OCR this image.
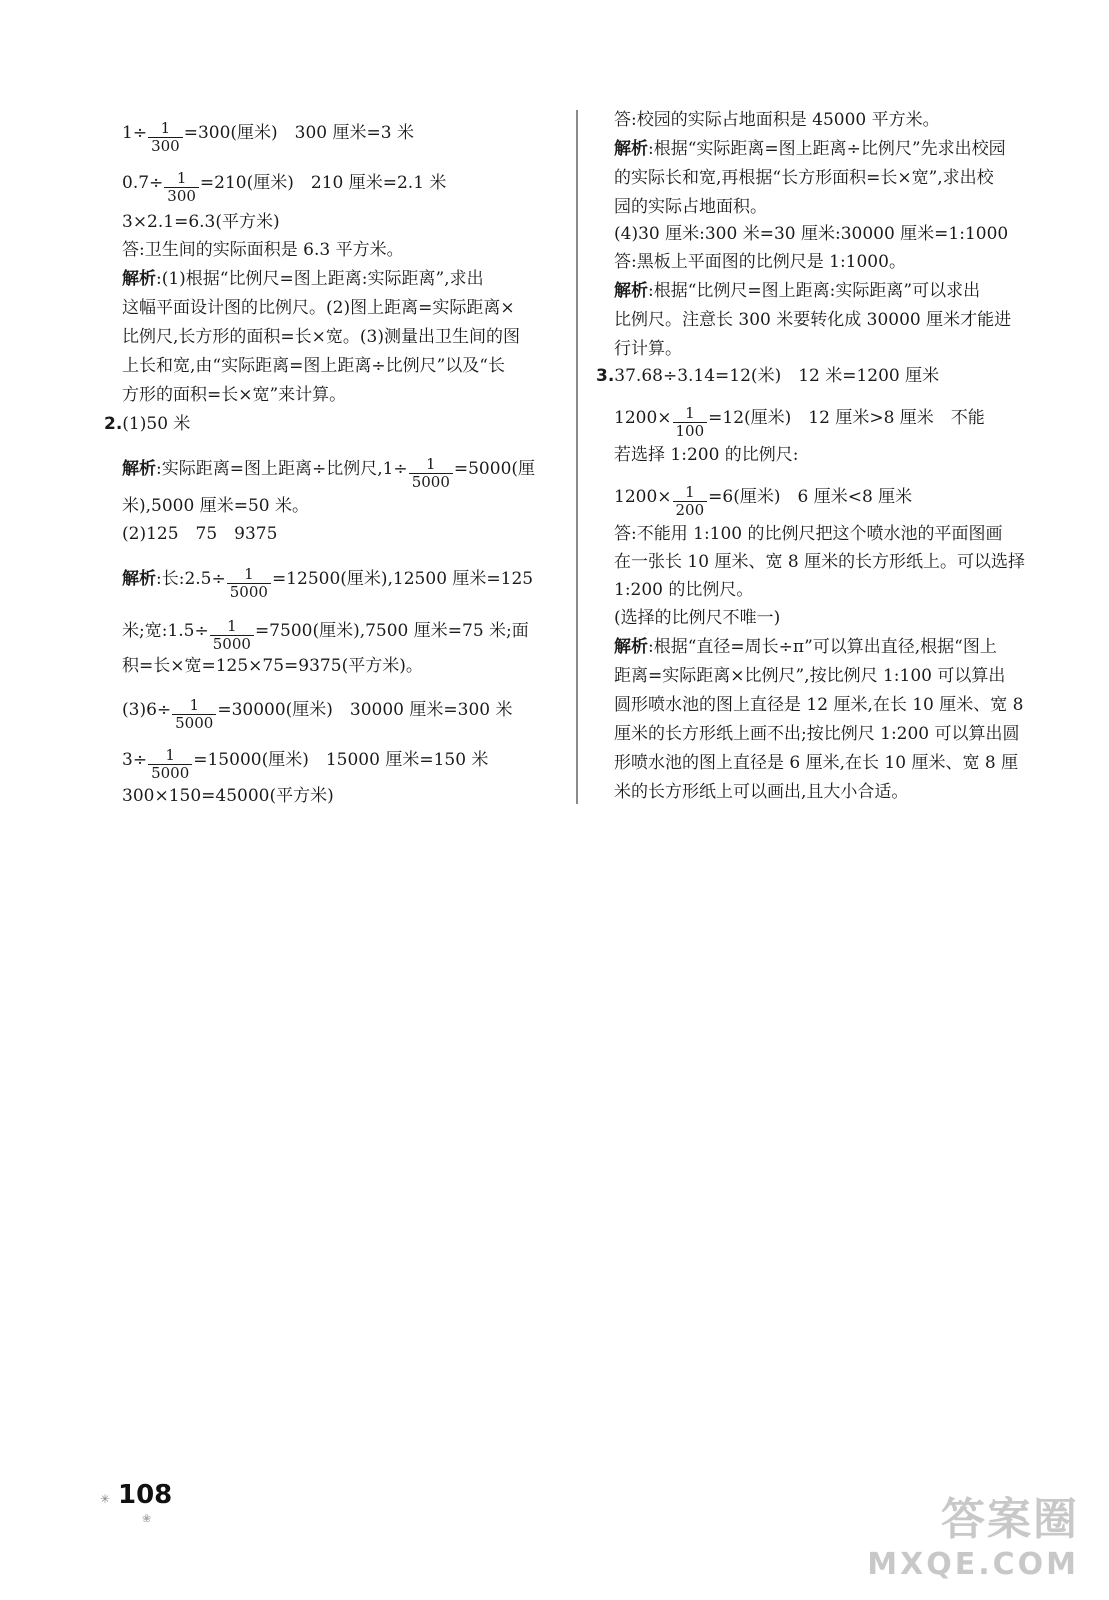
$1\div \frac{1}{300} =300$(厘米)　300 厘米=3 米
$0.7\div \frac{1}{300} =210$(厘米)　210 厘米=2.1 米
3×2.1=6.3(平方米)
答:卫生间的实际面积是 6.3 平方米。
解析:(1)根据“比例尺=图上距离:实际距离”,求出
这幅平面设计图的比例尺。(2)图上距离=实际距离×
比例尺,长方形的面积=长×宽。(3)测量出卫生间的图
上长和宽,由“实际距离=图上距离÷比例尺”以及“长
方形的面积=长×宽”来计算。
2.(1)50 米
解析:实际距离=图上距离÷比例尺$,1\div \frac{1}{5000} =5000$(厘
米),5000 厘米=50 米。
(2)125　75　9375
解析:长:2.5÷ $\frac{1}{5000} =12500$(厘米),12500 厘米=125
米;宽:1.5÷ $\frac{1}{5000} =7500$(厘米),7500 厘米=75 米;面
积=长×宽=125×75=9375(平方米)。
$(3)6\div \frac{1}{5000} =30000$(厘米)　30000 厘米=300 米
$3\div \frac{1}{5000} =15000$(厘米)　15000 厘米=150 米
300×150=45000(平方米)
答:校园的实际占地面积是 45000 平方米。
解析:根据“实际距离=图上距离÷比例尺”先求出校园
的实际长和宽,再根据“长方形面积=长×宽”,求出校
园的实际占地面积。
(4)30 厘米:300 米=30 厘米:30000 厘米=1:1000
答:黑板上平面图的比例尺是 1:1000。
解析:根据“比例尺=图上距离:实际距离”可以求出
比例尺。注意长 300 米要转化成 30000 厘米才能进
行计算。
3.37.68÷3.14=12(米)　12 米=1200 厘米
$1200\times \frac{1}{100} =12$(厘米)　12 厘米>8 厘米　不能
若选择 1:200 的比例尺:
$1200\times \frac{1}{200} =6$(厘米)　6 厘米<8 厘米
答:不能用 1:100 的比例尺把这个喷水池的平面图画
在一张长 10 厘米、宽 8 厘米的长方形纸上。可以选择
1:200 的比例尺。
(选择的比例尺不唯一)
解析:根据“直径=周长÷π”可以算出直径,根据“图上
距离=实际距离×比例尺”,按比例尺 1:100 可以算出
圆形喷水池的图上直径是 12 厘米,在长 10 厘米、宽 8
厘米的长方形纸上画不出;按比例尺 1:200 可以算出圆
形喷水池的图上直径是 6 厘米,在长 10 厘米、宽 8 厘
米的长方形纸上可以画出,且大小合适。
✳ 108
❀	答案圈
MXQE.COM
